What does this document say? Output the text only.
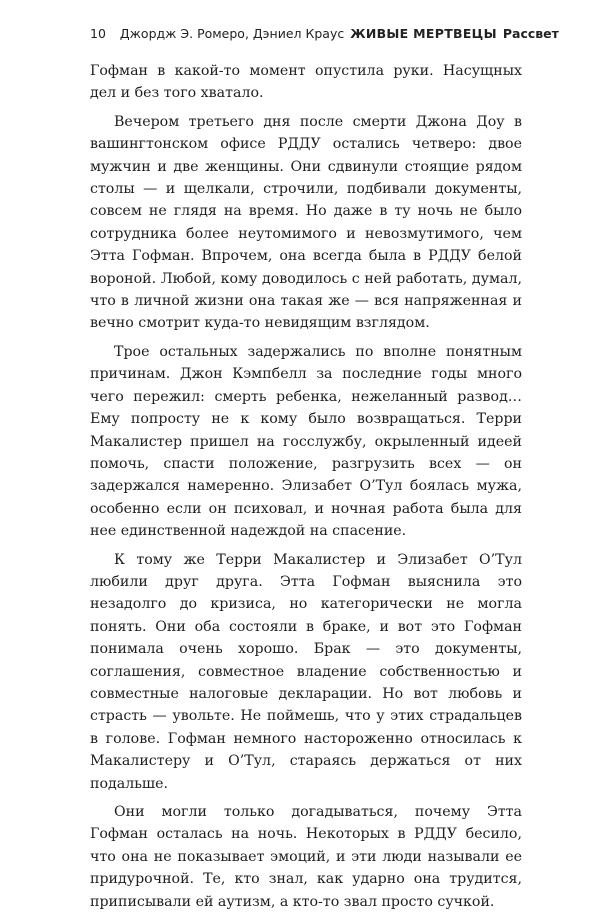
10 Джордж Э. Ромеро, Дэниел Краус ЖИВЫЕ МЕРТВЕЦЫ Рассвет

Гофман в какой-то момент опустила руки. Насущных дел и без того хватало.

Вечером третьего дня после смерти Джона Доу в вашингтонском офисе РДДУ остались четверо: двое мужчин и две женщины. Они сдвинули стоящие рядом столы — и щелкали, строчили, подбивали документы, совсем не глядя на время. Но даже в ту ночь не было сотрудника более неутомимого и невозмутимого, чем Этта Гофман. Впрочем, она всегда была в РДДУ белой вороной. Любой, кому доводилось с ней работать, думал, что в личной жизни она такая же — вся напряженная и вечно смотрит куда-то невидящим взглядом.

Трое остальных задержались по вполне понятным причинам. Джон Кэмпбелл за последние годы много чего пережил: смерть ребенка, нежеланный развод… Ему попросту не к кому было возвращаться. Терри Макалистер пришел на госслужбу, окрыленный идеей помочь, спасти положение, разгрузить всех — он задержался намеренно. Элизабет О’Тул боялась мужа, особенно если он психовал, и ночная работа была для нее единственной надеждой на спасение.

К тому же Терри Макалистер и Элизабет О’Тул любили друг друга. Этта Гофман выяснила это незадолго до кризиса, но категорически не могла понять. Они оба состояли в браке, и вот это Гофман понимала очень хорошо. Брак — это документы, соглашения, совместное владение собственностью и совместные налоговые декларации. Но вот любовь и страсть — увольте. Не поймешь, что у этих страдальцев в голове. Гофман немного настороженно относилась к Макалистеру и О’Тул, стараясь держаться от них подальше.

Они могли только догадываться, почему Этта Гофман осталась на ночь. Некоторых в РДДУ бесило, что она не показывает эмоций, и эти люди называли ее придурочной. Те, кто знал, как ударно она трудится, приписывали ей аутизм, а кто-то звал просто сучкой.
